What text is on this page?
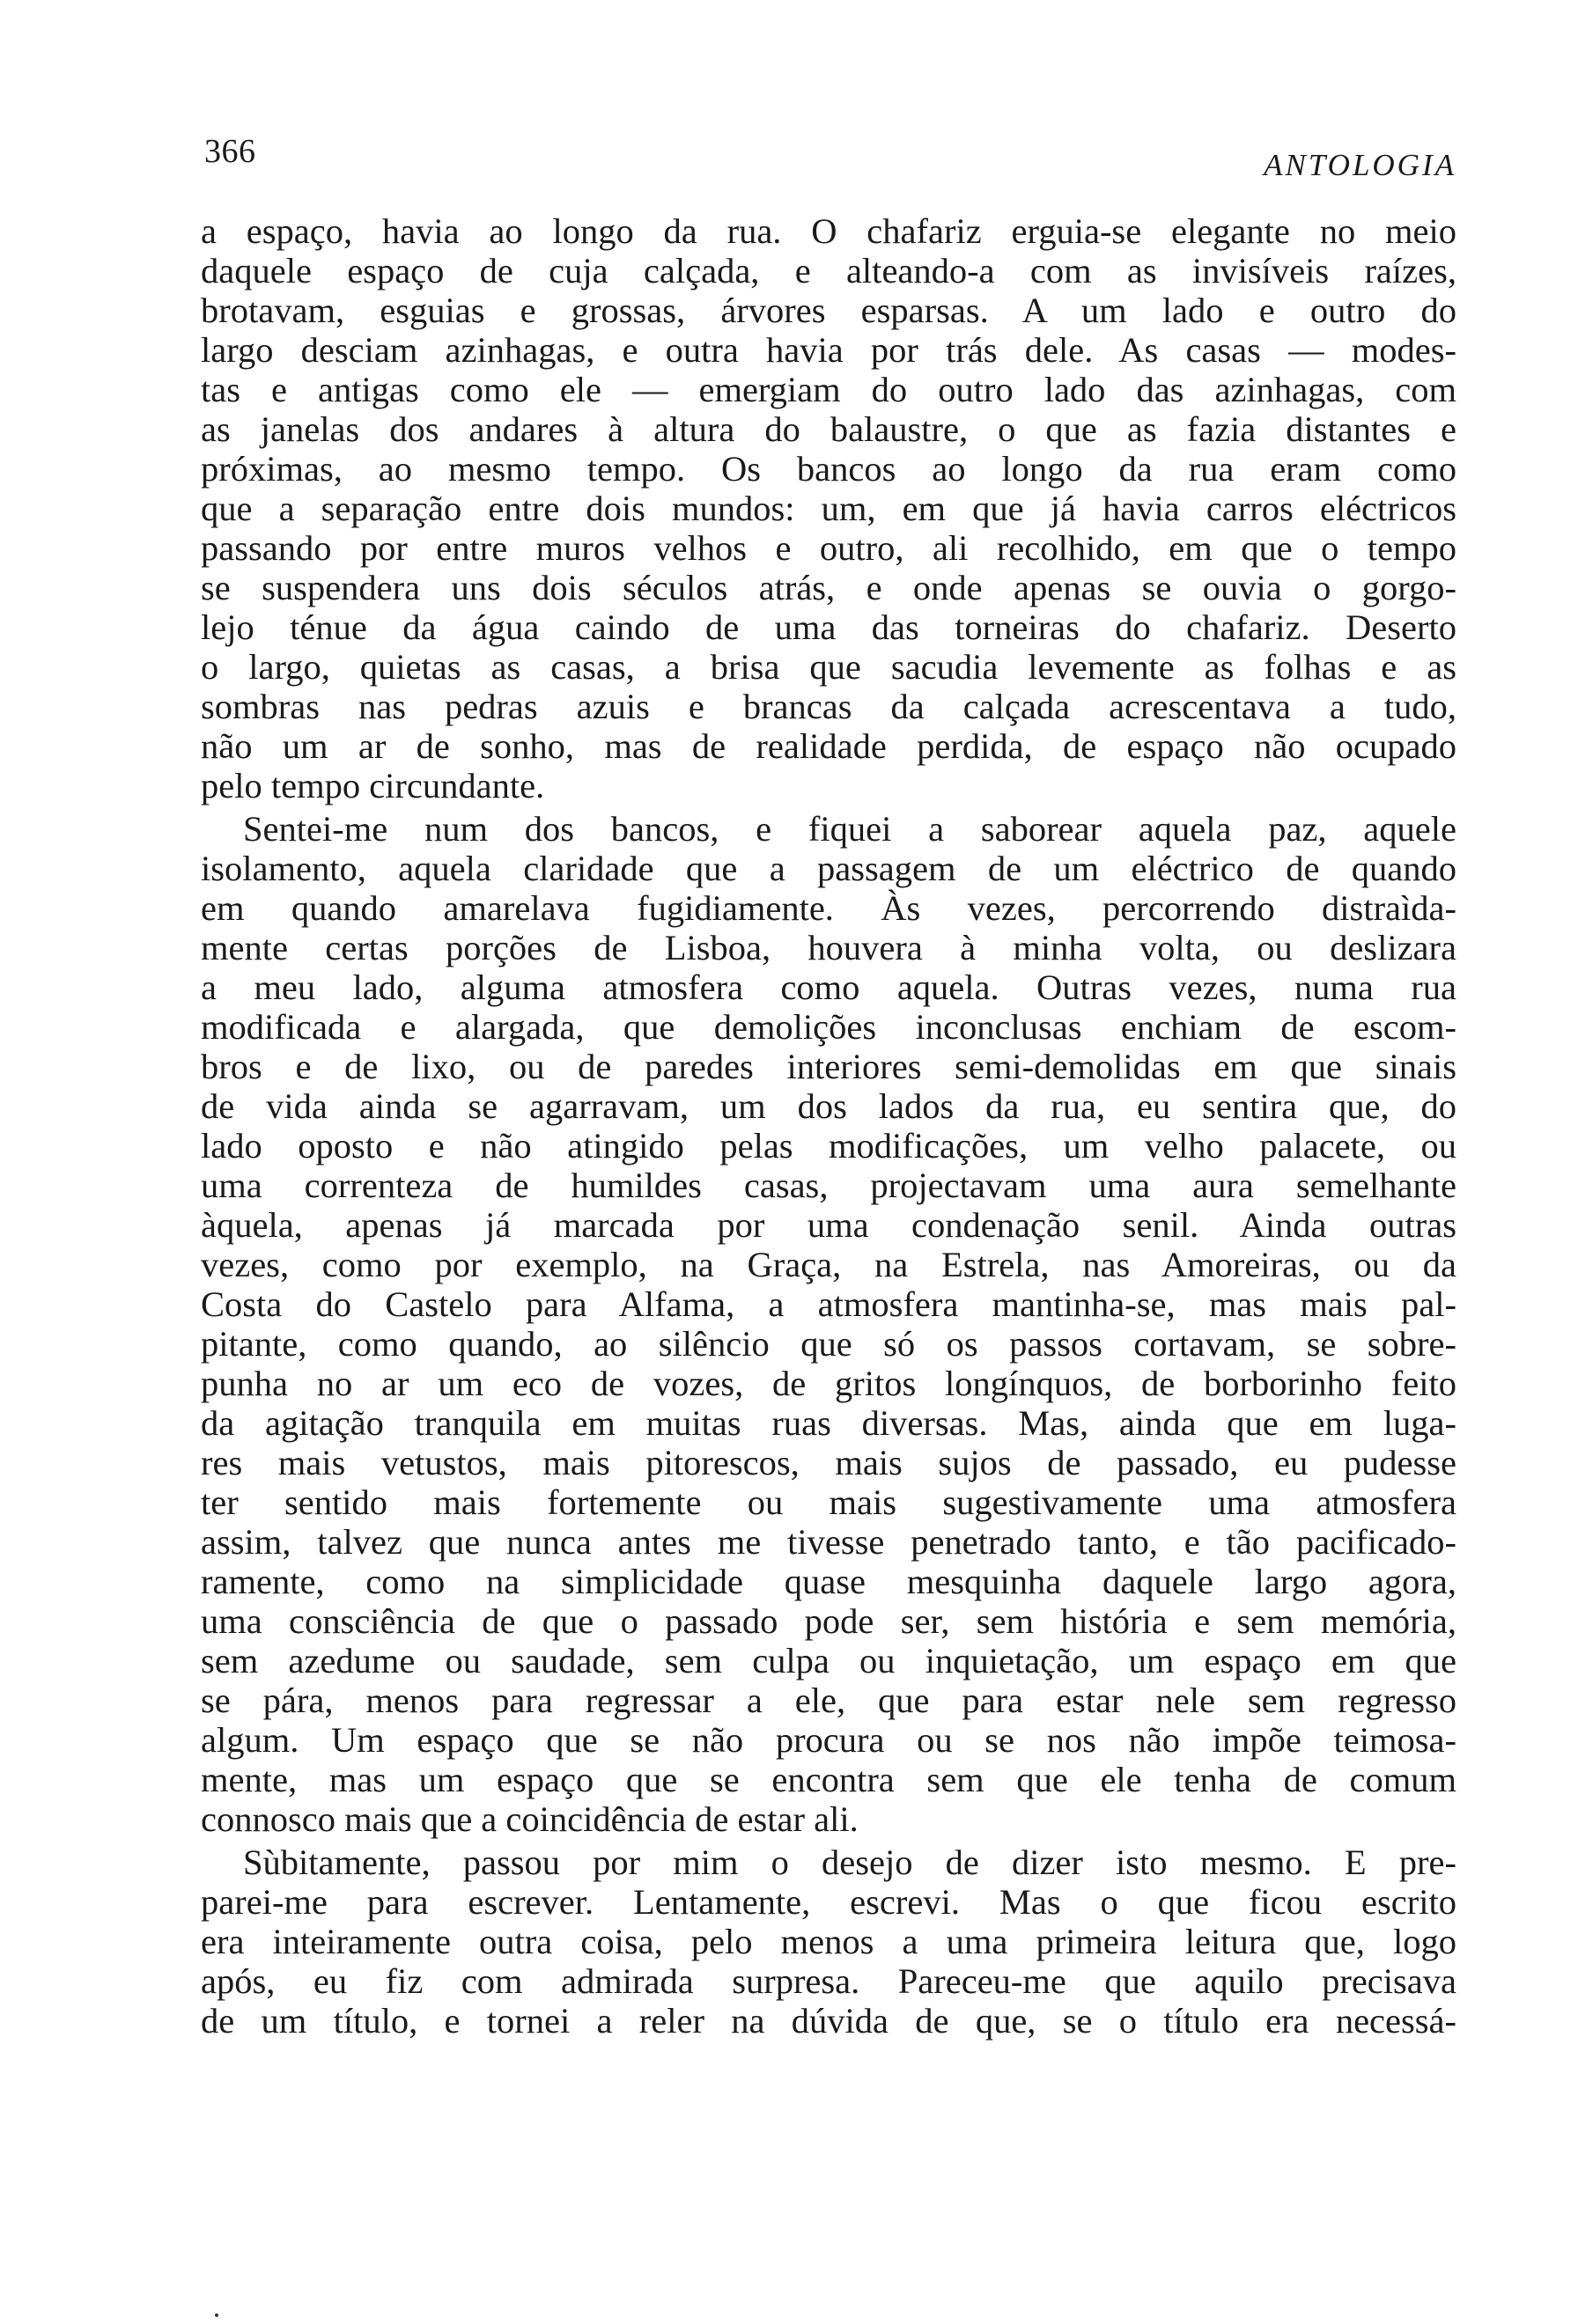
366	ANTOLOGIA
a espaço, havia ao longo da rua. O chafariz erguia-se elegante no meio
daquele espaço de cuja calçada, e alteando-a com as invisíveis raízes,
brotavam, esguias e grossas, árvores esparsas. A um lado e outro do
largo desciam azinhagas, e outra havia por trás dele. As casas — modes-
tas e antigas como ele — emergiam do outro lado das azinhagas, com
as janelas dos andares à altura do balaustre, o que as fazia distantes e
próximas, ao mesmo tempo. Os bancos ao longo da rua eram como
que a separação entre dois mundos: um, em que já havia carros eléctricos
passando por entre muros velhos e outro, ali recolhido, em que o tempo
se suspendera uns dois séculos atrás, e onde apenas se ouvia o gorgo-
lejo ténue da água caindo de uma das torneiras do chafariz. Deserto
o largo, quietas as casas, a brisa que sacudia levemente as folhas e as
sombras nas pedras azuis e brancas da calçada acrescentava a tudo,
não um ar de sonho, mas de realidade perdida, de espaço não ocupado
pelo tempo circundante.
Sentei-me num dos bancos, e fiquei a saborear aquela paz, aquele
isolamento, aquela claridade que a passagem de um eléctrico de quando
em quando amarelava fugidiamente. Às vezes, percorrendo distraìda-
mente certas porções de Lisboa, houvera à minha volta, ou deslizara
a meu lado, alguma atmosfera como aquela. Outras vezes, numa rua
modificada e alargada, que demolições inconclusas enchiam de escom-
bros e de lixo, ou de paredes interiores semi-demolidas em que sinais
de vida ainda se agarravam, um dos lados da rua, eu sentira que, do
lado oposto e não atingido pelas modificações, um velho palacete, ou
uma correnteza de humildes casas, projectavam uma aura semelhante
àquela, apenas já marcada por uma condenação senil. Ainda outras
vezes, como por exemplo, na Graça, na Estrela, nas Amoreiras, ou da
Costa do Castelo para Alfama, a atmosfera mantinha-se, mas mais pal-
pitante, como quando, ao silêncio que só os passos cortavam, se sobre-
punha no ar um eco de vozes, de gritos longínquos, de borborinho feito
da agitação tranquila em muitas ruas diversas. Mas, ainda que em luga-
res mais vetustos, mais pitorescos, mais sujos de passado, eu pudesse
ter sentido mais fortemente ou mais sugestivamente uma atmosfera
assim, talvez que nunca antes me tivesse penetrado tanto, e tão pacificado-
ramente, como na simplicidade quase mesquinha daquele largo agora,
uma consciência de que o passado pode ser, sem história e sem memória,
sem azedume ou saudade, sem culpa ou inquietação, um espaço em que
se pára, menos para regressar a ele, que para estar nele sem regresso
algum. Um espaço que se não procura ou se nos não impõe teimosa-
mente, mas um espaço que se encontra sem que ele tenha de comum
connosco mais que a coincidência de estar ali.
Sùbitamente, passou por mim o desejo de dizer isto mesmo. E pre-
parei-me para escrever. Lentamente, escrevi. Mas o que ficou escrito
era inteiramente outra coisa, pelo menos a uma primeira leitura que, logo
após, eu fiz com admirada surpresa. Pareceu-me que aquilo precisava
de um título, e tornei a reler na dúvida de que, se o título era necessá-
